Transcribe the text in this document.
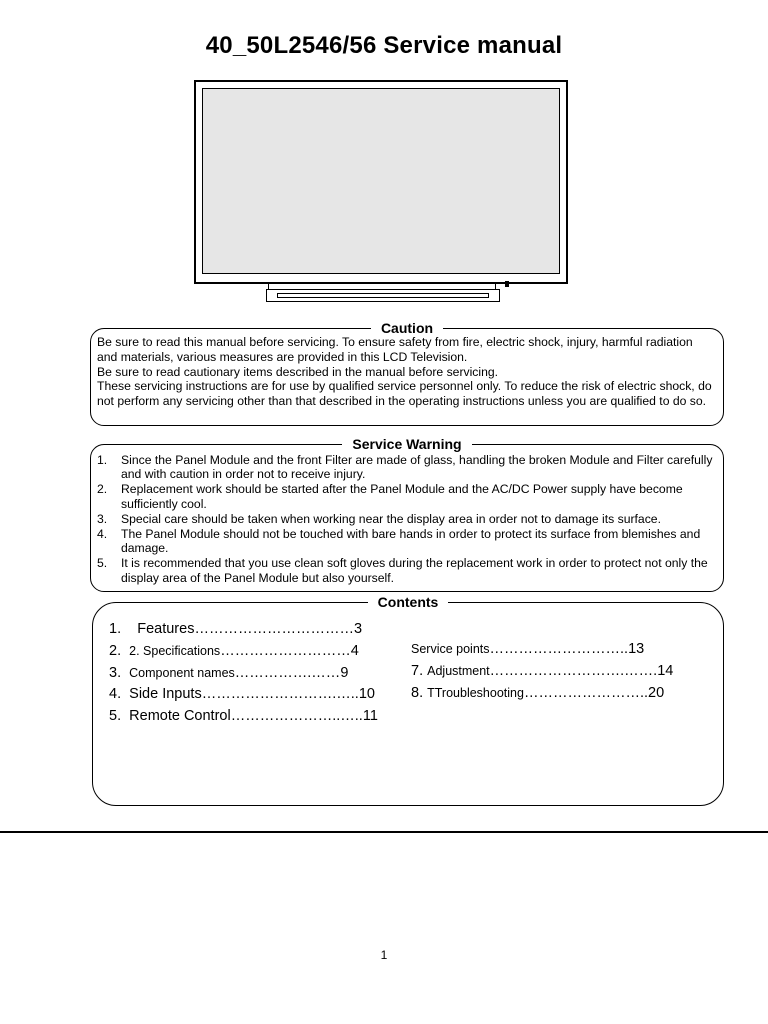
40_50L2546/56 Service manual
Caution

Be sure to read this manual before servicing. To ensure safety from fire, electric shock, injury, harmful radiation and materials, various measures are provided in this LCD Television.

Be sure to read cautionary items described in the manual before servicing.

These servicing instructions are for use by qualified service personnel only. To reduce the risk of electric shock, do not perform any servicing other than that described in the operating instructions unless you are qualified to do so.

Service Warning
1. Since the Panel Module and the front Filter are made of glass, handling the broken Module and Filter carefully and with caution in order not to receive injury.
2. Replacement work should be started after the Panel Module and the AC/DC Power supply have become sufficiently cool.
3. Special care should be taken when working near the display area in order not to damage its surface.
4. The Panel Module should not be touched with bare hands in order to protect its surface from blemishes and damage.
5. It is recommended that you use clean soft gloves during the replacement work in order to protect not only the display area of the Panel Module but also yourself.
Contents
1. Features……………………………3
2. 2. Specifications………………………4
3. Component names…………….……9
4. Side Inputs……………………….…..10
5. Remote Control…………………..…..11
Service points………………………..13
7. Adjustment……………………….…….14
8. TTroubleshooting……………………..20
1
